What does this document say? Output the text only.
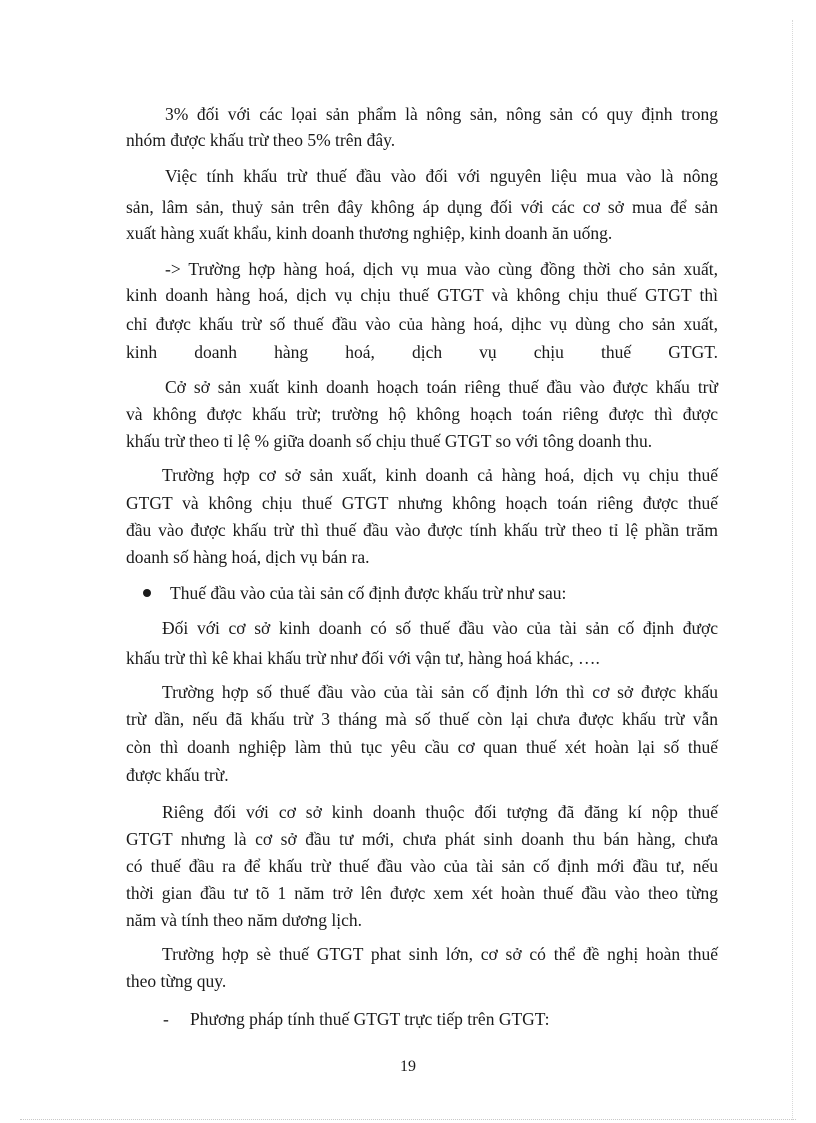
3% đối với các lọai sản phẩm là nông sản, nông sản có quy định trong
nhóm được khấu trừ theo 5% trên đây.
Việc tính khấu trừ thuế đầu vào đối với nguyên liệu mua vào là nông
sản, lâm sản, thuỷ sản trên đây không áp dụng đối với các cơ sở mua để sản
xuất hàng xuất khẩu, kinh doanh thương nghiệp, kinh doanh ăn uống.
-> Trường hợp hàng hoá, dịch vụ mua vào cùng đồng thời cho sản xuất,
kinh doanh hàng hoá, dịch vụ chịu thuế GTGT và không chịu thuế GTGT thì
chỉ được khấu trừ số thuế đầu vào của hàng hoá, dịhc vụ dùng cho sản xuất,
kinh doanh hàng hoá, dịch vụ chịu thuế GTGT.
Cở sở sản xuất kinh doanh hoạch toán riêng thuế đầu vào được khấu trừ
và không được khấu trừ; trường hộ không hoạch toán riêng được thì được
khấu trừ theo tỉ lệ % giữa doanh số chịu thuế GTGT so với tông doanh thu.
Trường hợp cơ sở sản xuất, kinh doanh cả hàng hoá, dịch vụ chịu thuế
GTGT và không chịu thuế GTGT nhưng không hoạch toán riêng được thuế
đầu vào được khấu trừ thì thuế đầu vào được tính khấu trừ theo tỉ lệ phần trăm
doanh số hàng hoá, dịch vụ bán ra.
Thuế đầu vào của tài sản cố định được khấu trừ như sau:
Đối với cơ sở kinh doanh có số thuế đầu vào của tài sản cố định được
khấu trừ thì kê khai khấu trừ như đối với vận tư, hàng hoá khác, ….
Trường hợp số thuế đầu vào của tài sản cố định lớn thì cơ sở được khấu
trừ dần, nếu đã khấu trừ 3 tháng mà số thuế còn lại chưa được khấu trừ vẫn
còn thì doanh nghiệp làm thủ tục yêu cầu cơ quan thuế xét hoàn lại số thuế
được khấu trừ.
Riêng đối với cơ sở kinh doanh thuộc đối tượng đã đăng kí nộp thuế
GTGT nhưng là cơ sở đầu tư mới, chưa phát sinh doanh thu bán hàng, chưa
có thuế đầu ra để khấu trừ thuế đầu vào của tài sản cố định mới đầu tư, nếu
thời gian đầu tư tõ 1 năm trở lên được xem xét hoàn thuế đầu vào theo từng
năm và tính theo năm dương lịch.
Trường hợp sè thuế GTGT phat sinh lớn, cơ sở có thể đề nghị hoàn thuế
theo từng quy.
- Phương pháp tính thuế GTGT trực tiếp trên GTGT:
19
